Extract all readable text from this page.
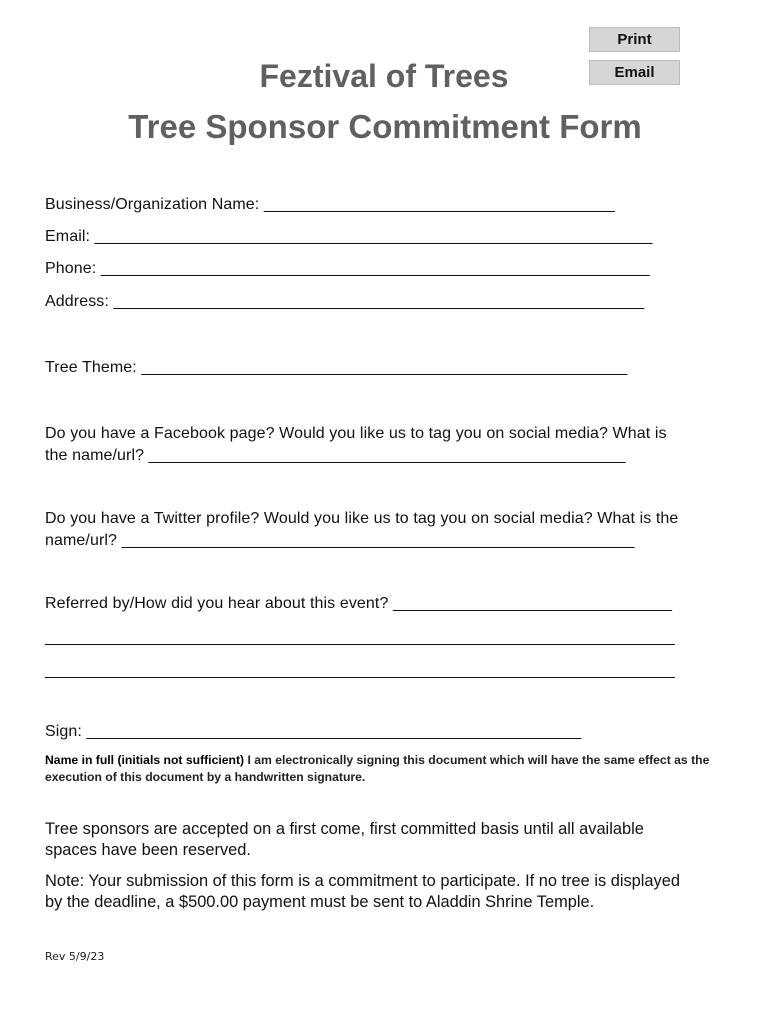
Print
Email
Feztival of Trees
Tree Sponsor Commitment Form
Business/Organization Name: _______________________________________
Email: ______________________________________________________________
Phone: _____________________________________________________________
Address: ___________________________________________________________
Tree Theme: ______________________________________________________
Do you have a Facebook page? Would you like us to tag you on social media? What is
the name/url? _____________________________________________________
Do you have a Twitter profile? Would you like us to tag you on social media? What is the
name/url? _________________________________________________________
Referred by/How did you hear about this event? _______________________________
______________________________________________________________________
______________________________________________________________________
Sign: _______________________________________________________
Name in full (initials not sufficient) I am electronically signing this document which will have the same effect as the execution of this document by a handwritten signature.
Tree sponsors are accepted on a first come, first committed basis until all available
spaces have been reserved.
Note: Your submission of this form is a commitment to participate. If no tree is displayed
by the deadline, a $500.00 payment must be sent to Aladdin Shrine Temple.
Rev 5/9/23
